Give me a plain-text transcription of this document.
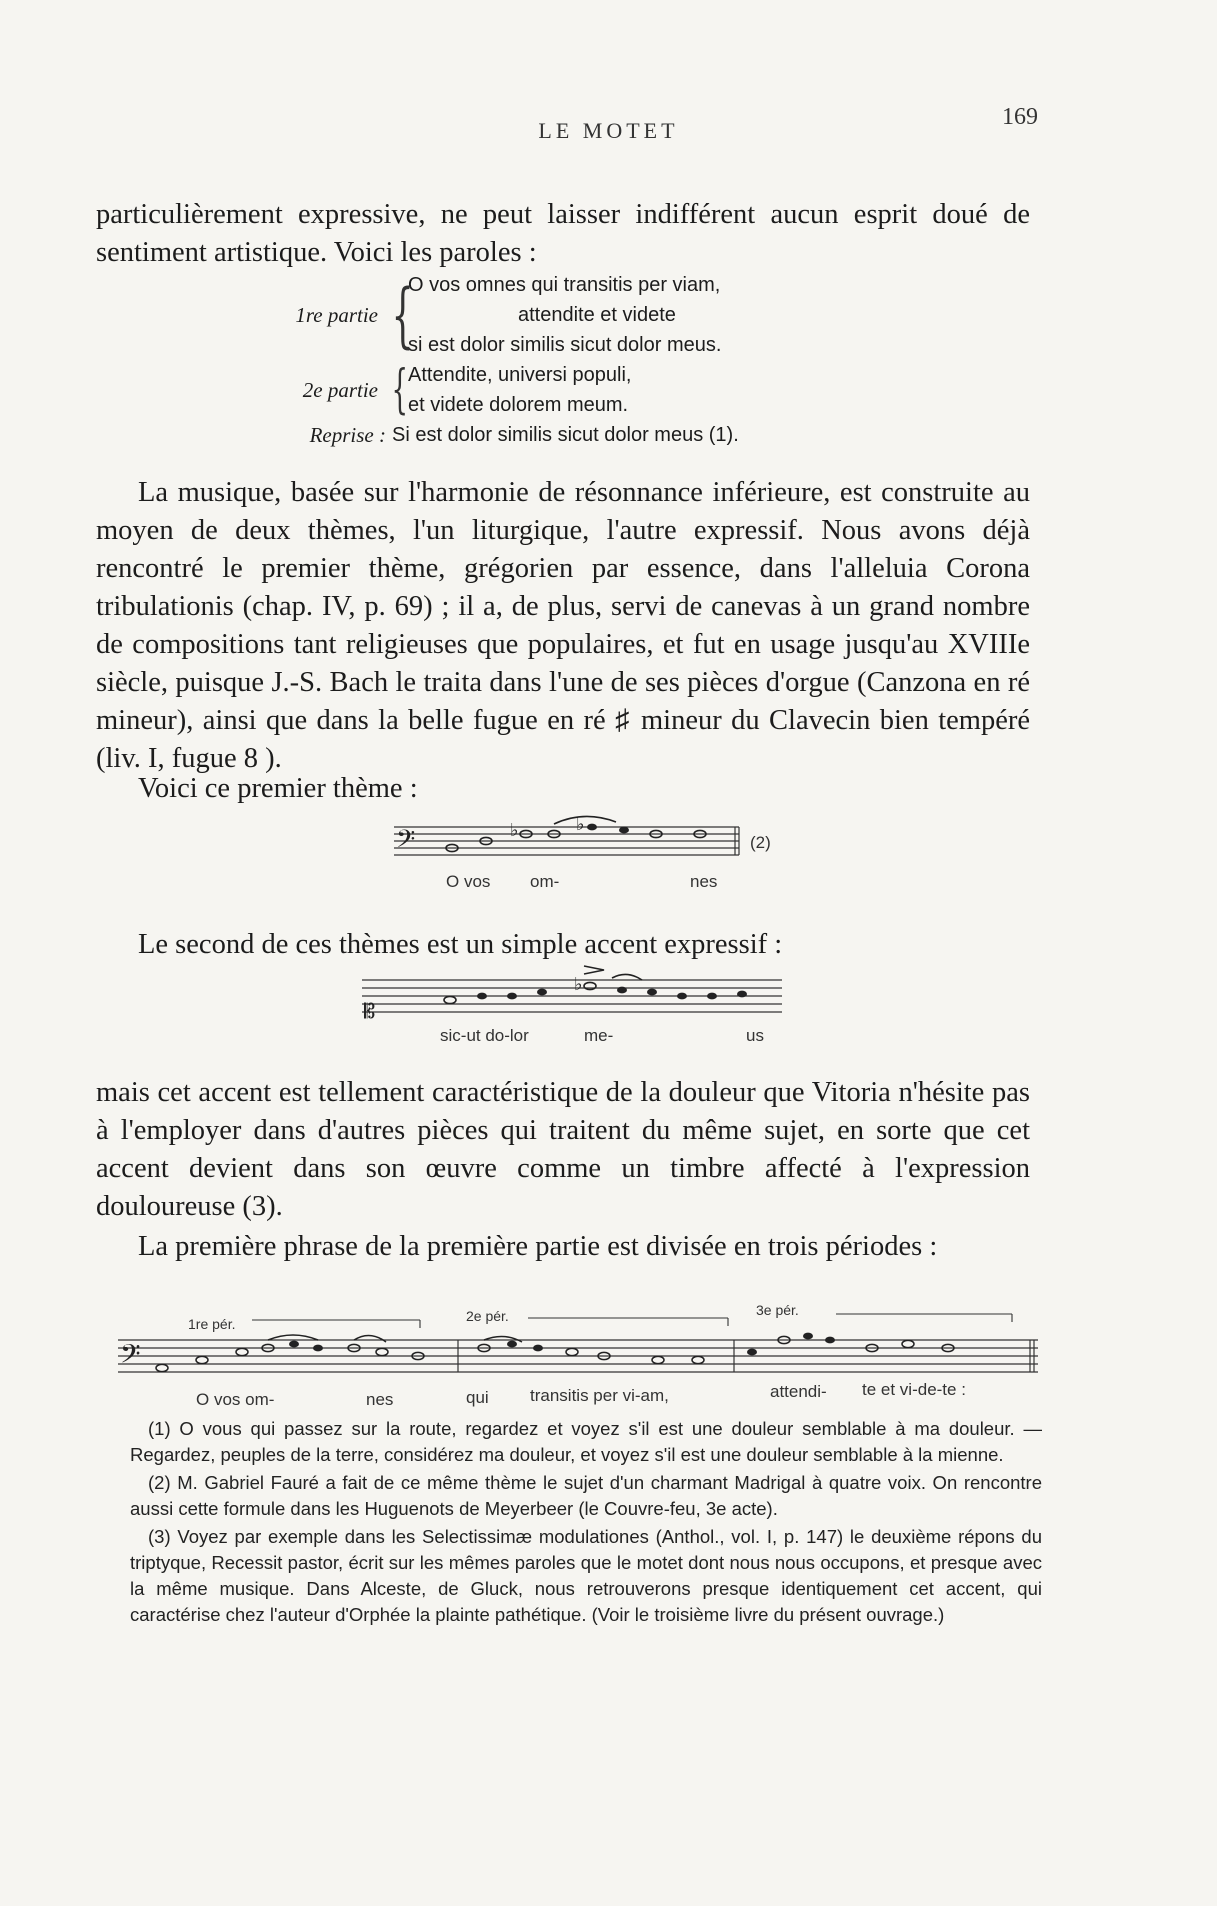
LE MOTET
169

particulièrement expressive, ne peut laisser indifférent aucun esprit doué de sentiment artistique. Voici les paroles :

1re partie {
O vos omnes qui transitis per viam,
attendite et videte
si est dolor similis sicut dolor meus.
2e partie { Attendite, universi populi,
et videte dolorem meum.
Reprise : Si est dolor similis sicut dolor meus (1).

La musique, basée sur l'harmonie de résonnance inférieure, est construite au moyen de deux thèmes, l'un liturgique, l'autre expressif. Nous avons déjà rencontré le premier thème, grégorien par essence, dans l'alleluia Corona tribulationis (chap. IV, p. 69) ; il a, de plus, servi de canevas à un grand nombre de compositions tant religieuses que populaires, et fut en usage jusqu'au XVIIIe siècle, puisque J.-S. Bach le traita dans l'une de ses pièces d'orgue (Canzona en ré mineur), ainsi que dans la belle fugue en ré ♯ mineur du Clavecin bien tempéré (liv. I, fugue 8 ).

Voici ce premier thème :

𝄢	♭	♭
(2)
O vos om-	nes

Le second de ces thèmes est un simple accent expressif :

𝄡
♭
sic-ut do-lor	me-	us

mais cet accent est tellement caractéristique de la douleur que Vitoria n'hésite pas à l'employer dans d'autres pièces qui traitent du même sujet, en sorte que cet accent devient dans son œuvre comme un timbre affecté à l'expression douloureuse (3).

La première phrase de la première partie est divisée en trois périodes :

1re pér.	2e pér.	3e pér.
𝄢
O vos om-	nes	qui transitis per vi-am,	attendi- te et vi-de-te :

(1) O vous qui passez sur la route, regardez et voyez s'il est une douleur semblable à ma douleur. — Regardez, peuples de la terre, considérez ma douleur, et voyez s'il est une douleur semblable à la mienne.

(2) M. Gabriel Fauré a fait de ce même thème le sujet d'un charmant Madrigal à quatre voix. On rencontre aussi cette formule dans les Huguenots de Meyerbeer (le Couvre-feu, 3e acte).

(3) Voyez par exemple dans les Selectissimæ modulationes (Anthol., vol. I, p. 147) le deuxième répons du triptyque, Recessit pastor, écrit sur les mêmes paroles que le motet dont nous nous occupons, et presque avec la même musique. Dans Alceste, de Gluck, nous retrouverons presque identiquement cet accent, qui caractérise chez l'auteur d'Orphée la plainte pathétique. (Voir le troisième livre du présent ouvrage.)
